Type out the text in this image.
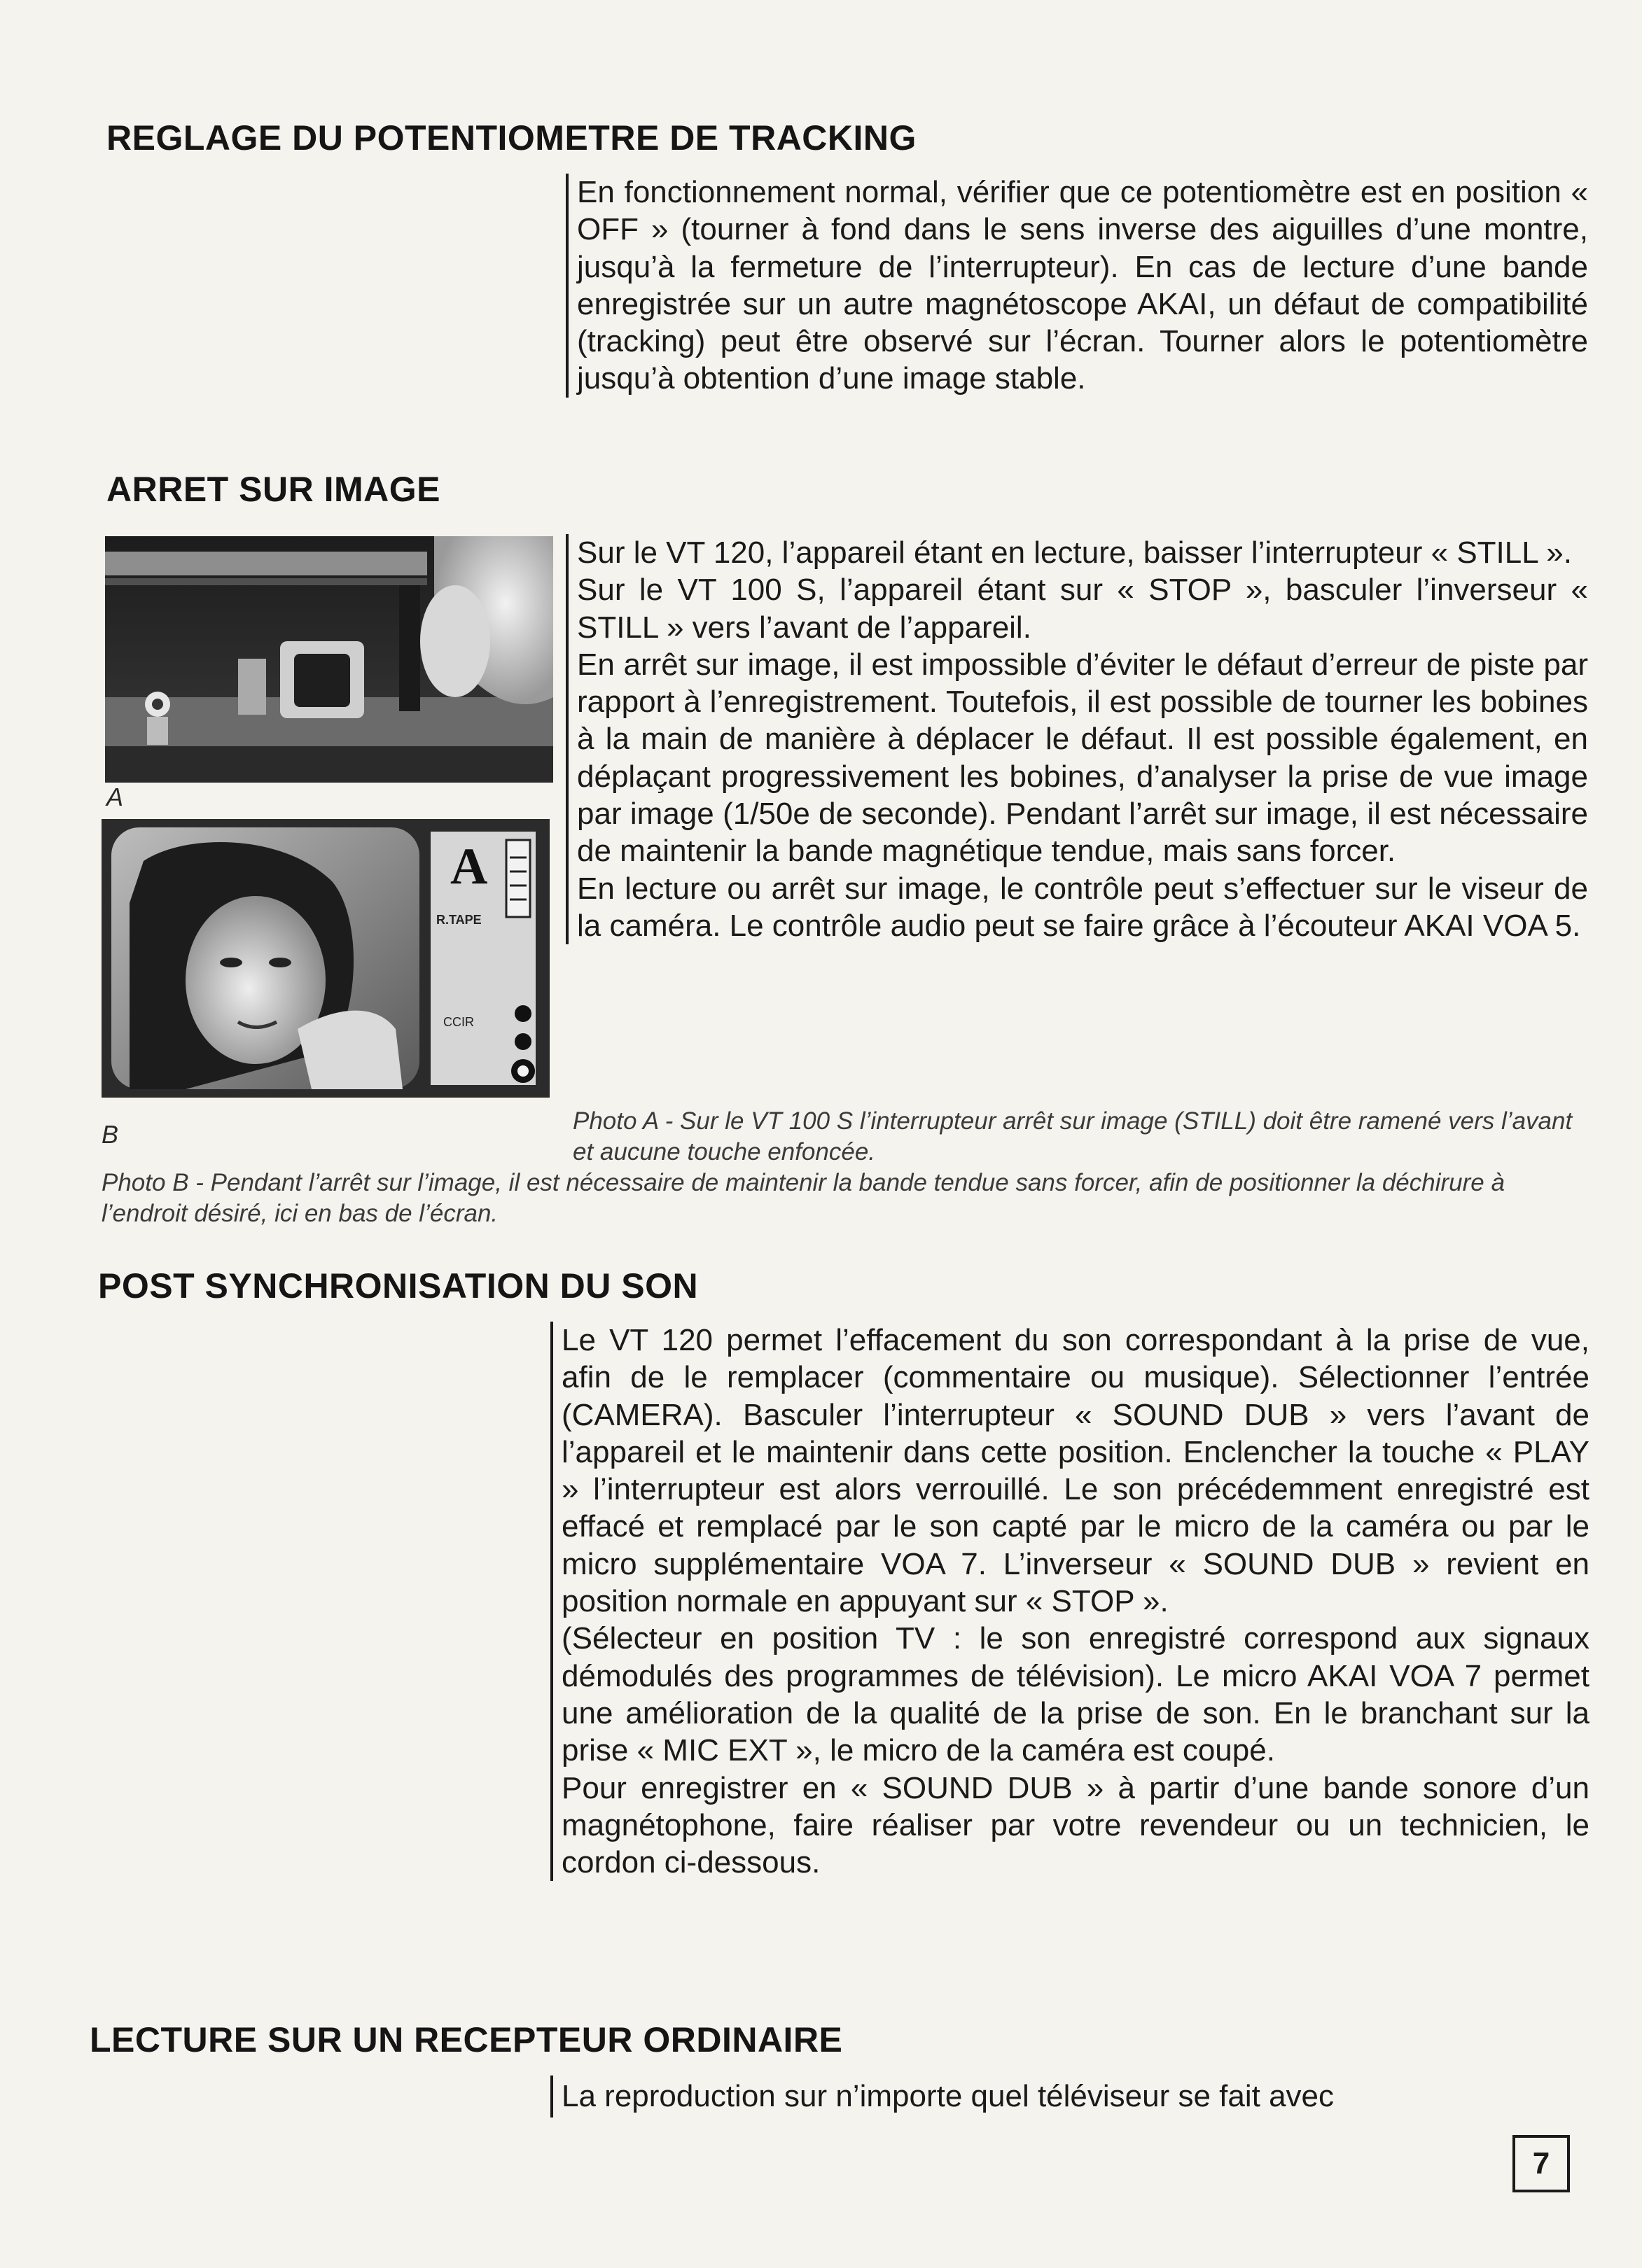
REGLAGE DU POTENTIOMETRE DE TRACKING

En fonctionnement normal, vérifier que ce potentiomètre est en position « OFF » (tourner à fond dans le sens inverse des aiguilles d’une montre, jusqu’à la fermeture de l’interrupteur). En cas de lecture d’une bande enregistrée sur un autre magnétoscope AKAI, un défaut de compatibilité (tracking) peut être observé sur l’écran. Tourner alors le potentiomètre jusqu’à obtention d’une image stable.

ARRET SUR IMAGE
A
A
R.TAPE
CCIR
B

Sur le VT 120, l’appareil étant en lecture, baisser l’interrupteur « STILL ».

Sur le VT 100 S, l’appareil étant sur « STOP », basculer l’inverseur « STILL » vers l’avant de l’appareil.

En arrêt sur image, il est impossible d’éviter le défaut d’erreur de piste par rapport à l’enregistrement. Toutefois, il est possible de tourner les bobines à la main de manière à déplacer le défaut. Il est possible également, en déplaçant progressivement les bobines, d’analyser la prise de vue image par image (1/50e de seconde). Pendant l’arrêt sur image, il est nécessaire de maintenir la bande magnétique tendue, mais sans forcer.

En lecture ou arrêt sur image, le contrôle peut s’effectuer sur le viseur de la caméra. Le contrôle audio peut se faire grâce à l’écouteur AKAI VOA 5.

Photo A - Sur le VT 100 S l’interrupteur arrêt sur image (STILL) doit être ramené vers l’avant et aucune touche enfoncée.

Photo B - Pendant l’arrêt sur l’image, il est nécessaire de maintenir la bande tendue sans forcer, afin de positionner la déchirure à l’endroit désiré, ici en bas de l’écran.

POST SYNCHRONISATION DU SON

Le VT 120 permet l’effacement du son correspondant à la prise de vue, afin de le remplacer (commentaire ou musique). Sélectionner l’entrée (CAMERA). Basculer l’interrupteur « SOUND DUB » vers l’avant de l’appareil et le maintenir dans cette position. Enclencher la touche « PLAY » l’interrupteur est alors verrouillé. Le son précédemment enregistré est effacé et remplacé par le son capté par le micro de la caméra ou par le micro supplémentaire VOA 7. L’inverseur « SOUND DUB » revient en position normale en appuyant sur « STOP ».

(Sélecteur en position TV : le son enregistré correspond aux signaux démodulés des programmes de télévision). Le micro AKAI VOA 7 permet une amélioration de la qualité de la prise de son. En le branchant sur la prise « MIC EXT », le micro de la caméra est coupé.

Pour enregistrer en « SOUND DUB » à partir d’une bande sonore d’un magnétophone, faire réaliser par votre revendeur ou un technicien, le cordon ci-dessous.

LECTURE SUR UN RECEPTEUR ORDINAIRE

La reproduction sur n’importe quel téléviseur se fait avec

7
